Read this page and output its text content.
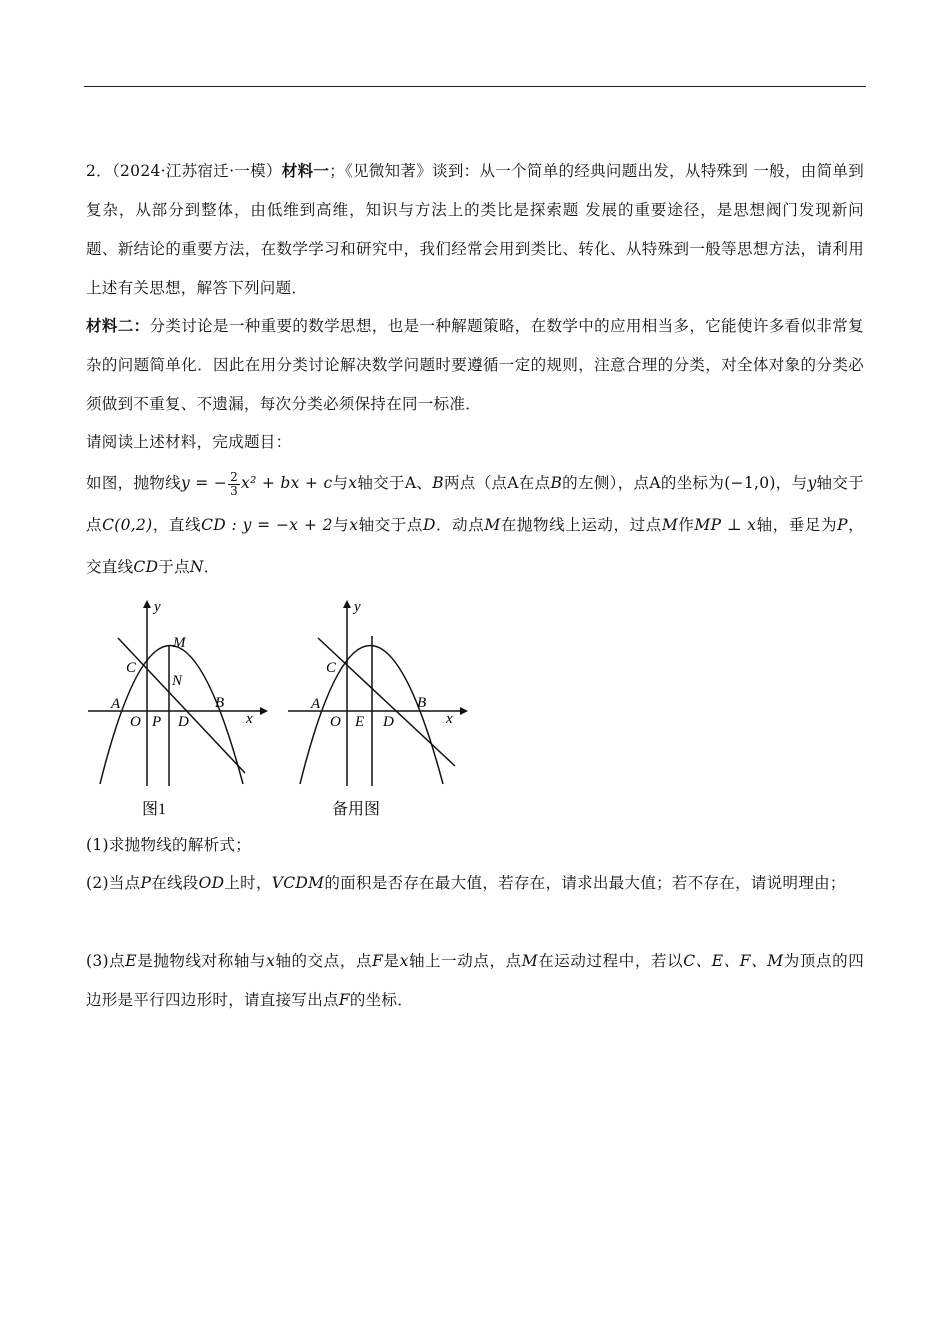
2．（2024·江苏宿迁·一模）材料一；《见微知著》谈到：从一个简单的经典问题出发，从特殊到 一般，由简单到复杂，从部分到整体，由低维到高维，知识与方法上的类比是探索题 发展的重要途径，是思想阀门发现新问题、新结论的重要方法，在数学学习和研究中，我们经常会用到类比、转化、从特殊到一般等思想方法，请利用上述有关思想，解答下列问题．
材料二：分类讨论是一种重要的数学思想，也是一种解题策略，在数学中的应用相当多，它能使许多看似非常复杂的问题简单化．因此在用分类讨论解决数学问题时要遵循一定的规则，注意合理的分类，对全体对象的分类必须做到不重复、不遗漏，每次分类必须保持在同一标准．
请阅读上述材料，完成题目：
如图，抛物线y = − $\frac{2}{3} x^2$ + bx + c与x轴交于A、B两点（点A在点B的左侧），点A的坐标为(−1,0)，与y轴交于点C(0,2)，直线CD : y = −x + 2与x轴交于点D．动点M在抛物线上运动，过点M作MP ⊥ x轴，垂足为P，交直线CD于点N．
y
x
M
C
N
A	B
O P D
图1
y
x
C
A	B
O E D
备用图
(1)求抛物线的解析式；
(2)当点P在线段OD上时，VCDM的面积是否存在最大值，若存在，请求出最大值；若不存在，请说明理由；
(3)点E是抛物线对称轴与x轴的交点，点F是x轴上一动点，点M在运动过程中，若以C、E、F、M为顶点的四边形是平行四边形时，请直接写出点F的坐标．
